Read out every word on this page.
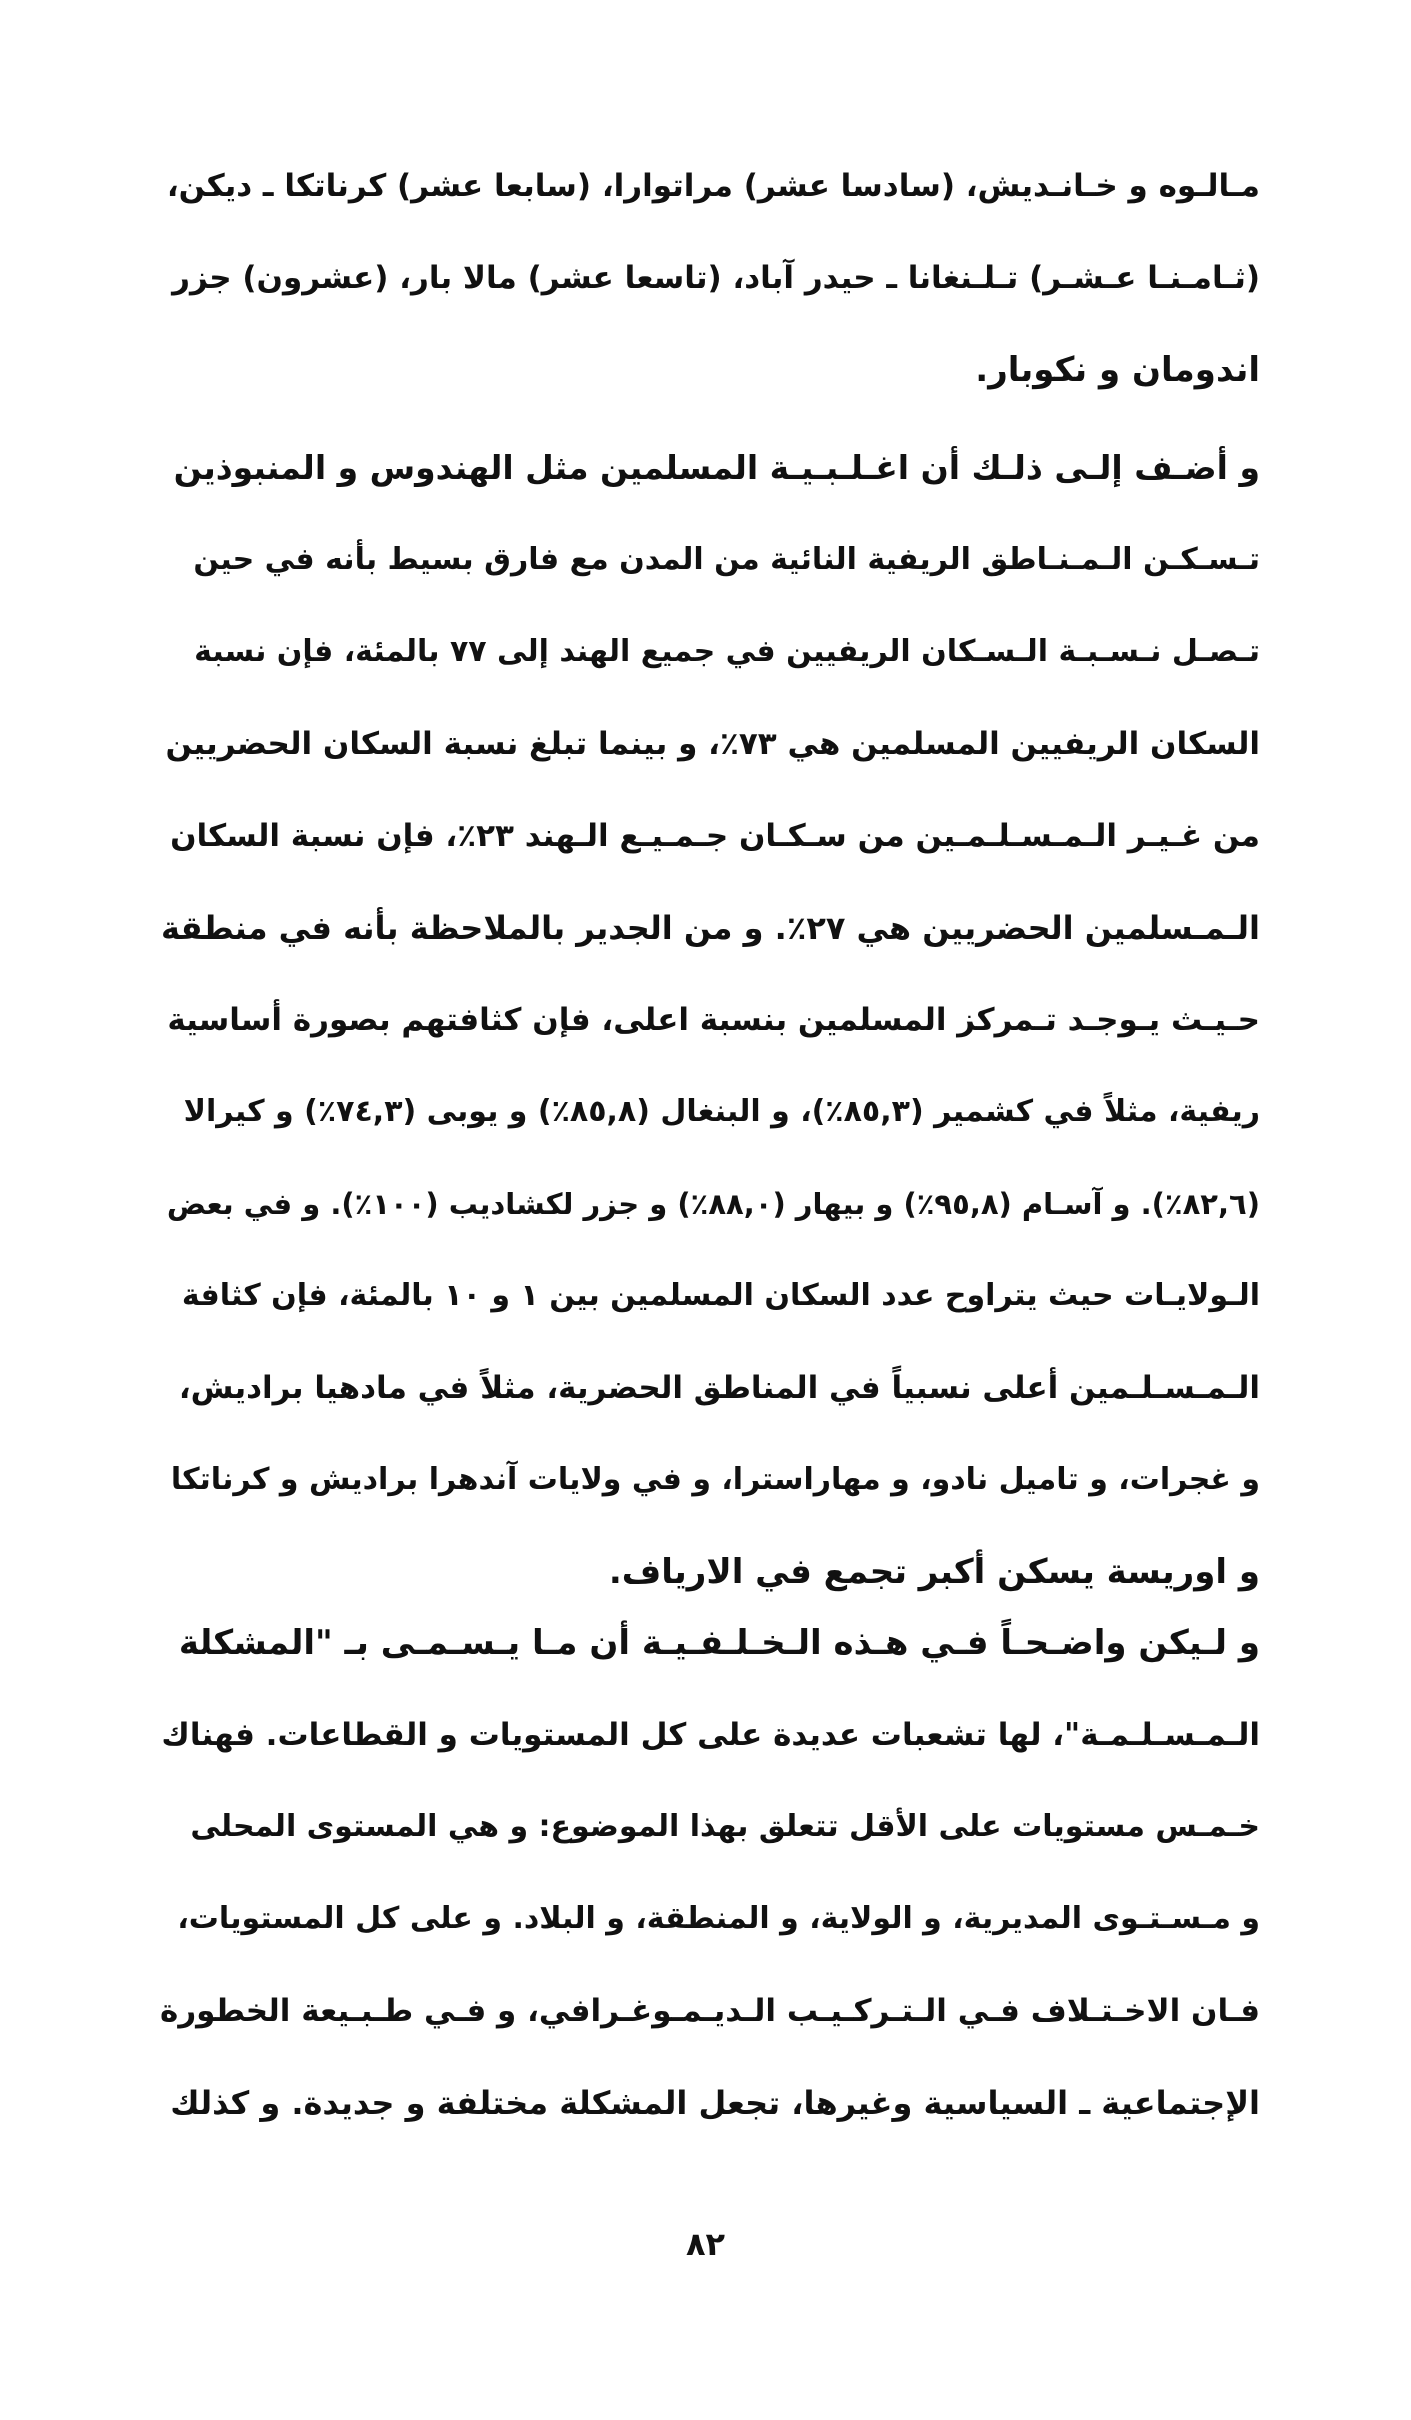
مـالـوه و خـانـديش، (سادسا عشر) مراتوارا، (سابعا عشر) كرناتكا ـ ديكن،
(ثـامـنـا عـشـر) تـلـنغانا ـ حيدر آباد، (تاسعا عشر) مالا بار، (عشرون) جزر
اندومان و نكوبار.
و أضـف إلـى ذلـك أن اغـلـبـيـة المسلمين مثل الهندوس و المنبوذين
تـسـكـن الـمـنـاطق الريفية النائية من المدن مع فارق بسيط بأنه في حين
تـصـل نـسـبـة الـسـكان الريفيين في جميع الهند إلى ٧٧ بالمئة، فإن نسبة
السكان الريفيين المسلمين هي ٧٣٪، و بينما تبلغ نسبة السكان الحضريين
من غـيـر الـمـسـلـمـين من سـكـان جـمـيـع الـهند ٢٣٪، فإن نسبة السكان
الـمـسلمين الحضريين هي ٢٧٪. و من الجدير بالملاحظة بأنه في منطقة
حـيـث يـوجـد تـمركز المسلمين بنسبة اعلى، فإن كثافتهم بصورة أساسية
ريفية، مثلاً في كشمير (٨٥,٣٪)، و البنغال (٨٥,٨٪) و يوبى (٧٤,٣٪) و كيرالا
(٨٢,٦٪). و آسـام (٩٥,٨٪) و بيهار (٨٨,٠٪) و جزر لكشاديب (١٠٠٪). و في بعض
الـولايـات حيث يتراوح عدد السكان المسلمين بين ١ و ١٠ بالمئة، فإن كثافة
الـمـسـلـمين أعلى نسبياً في المناطق الحضرية، مثلاً في مادهيا براديش،
و غجرات، و تاميل نادو، و مهاراسترا، و في ولايات آندهرا براديش و كرناتكا
و اوريسة يسكن أكبر تجمع في الارياف.
و لـيكن واضـحـاً فـي هـذه الـخـلـفـيـة أن مـا يـسـمـى بـ "المشكلة
الـمـسـلـمـة"، لها تشعبات عديدة على كل المستويات و القطاعات. فهناك
خـمـس مستويات على الأقل تتعلق بهذا الموضوع: و هي المستوى المحلى
و مـسـتـوى المديرية، و الولاية، و المنطقة، و البلاد. و على كل المستويات،
فـان الاخـتـلاف فـي الـتـركـيـب الـديـمـوغـرافي، و فـي طـبـيعة الخطورة
الإجتماعية ـ السياسية وغيرها، تجعل المشكلة مختلفة و جديدة. و كذلك
٨٢
